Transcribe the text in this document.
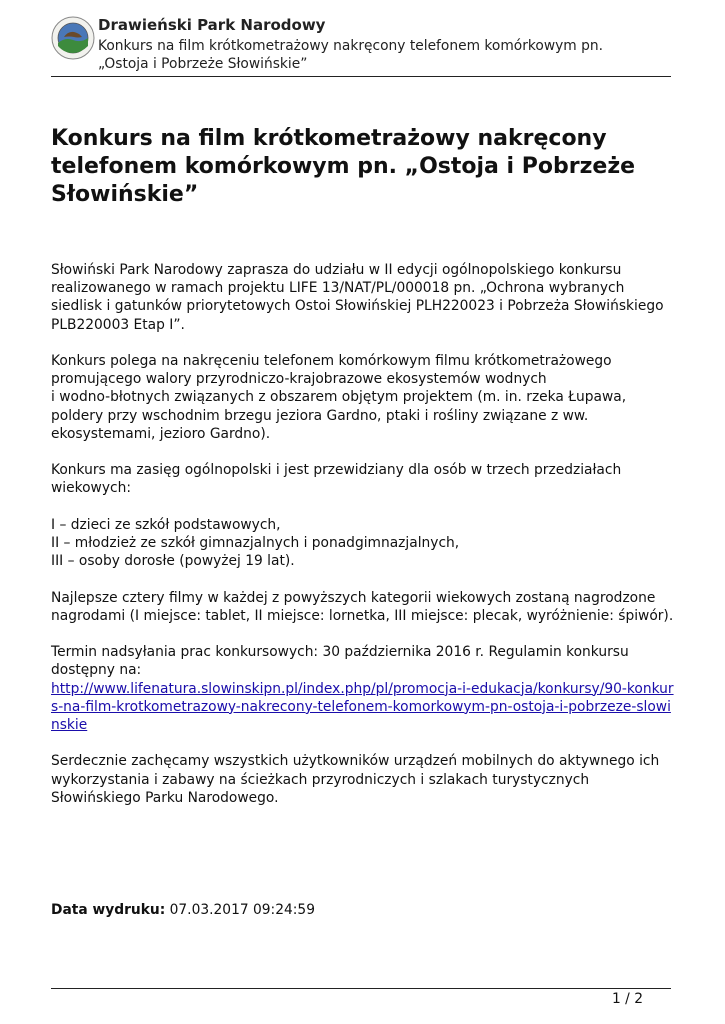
Drawieński Park Narodowy
Konkurs na film krótkometrażowy nakręcony telefonem komórkowym pn.
„Ostoja i Pobrzeże Słowińskie”
Konkurs na film krótkometrażowy nakręcony telefonem komórkowym pn. „Ostoja i Pobrzeże Słowińskie”

Słowiński Park Narodowy zaprasza do udziału w II edycji ogólnopolskiego konkursu realizowanego w ramach projektu LIFE 13/NAT/PL/000018 pn. „Ochrona wybranych siedlisk i gatunków priorytetowych Ostoi Słowińskiej PLH220023 i Pobrzeża Słowińskiego PLB220003 Etap I”.

Konkurs polega na nakręceniu telefonem komórkowym filmu krótkometrażowego promującego walory przyrodniczo-krajobrazowe ekosystemów wodnych
i wodno-błotnych związanych z obszarem objętym projektem (m. in. rzeka Łupawa, poldery przy wschodnim brzegu jeziora Gardno, ptaki i rośliny związane z ww. ekosystemami, jezioro Gardno).

Konkurs ma zasięg ogólnopolski i jest przewidziany dla osób w trzech przedziałach wiekowych:

I – dzieci ze szkół podstawowych,
II – młodzież ze szkół gimnazjalnych i ponadgimnazjalnych,
III – osoby dorosłe (powyżej 19 lat).

Najlepsze cztery filmy w każdej z powyższych kategorii wiekowych zostaną nagrodzone nagrodami (I miejsce: tablet, II miejsce: lornetka, III miejsce: plecak, wyróżnienie: śpiwór).

Termin nadsyłania prac konkursowych: 30 października 2016 r. Regulamin konkursu dostępny na:
http://www.lifenatura.slowinskipn.pl/index.php/pl/promocja-i-edukacja/konkursy/90-konkurs-na-film-krotkometrazowy-nakrecony-telefonem-komorkowym-pn-ostoja-i-pobrzeze-slowinskie

Serdecznie zachęcamy wszystkich użytkowników urządzeń mobilnych do aktywnego ich wykorzystania i zabawy na ścieżkach przyrodniczych i szlakach turystycznych Słowińskiego Parku Narodowego.

Data wydruku: 07.03.2017 09:24:59
1 / 2
